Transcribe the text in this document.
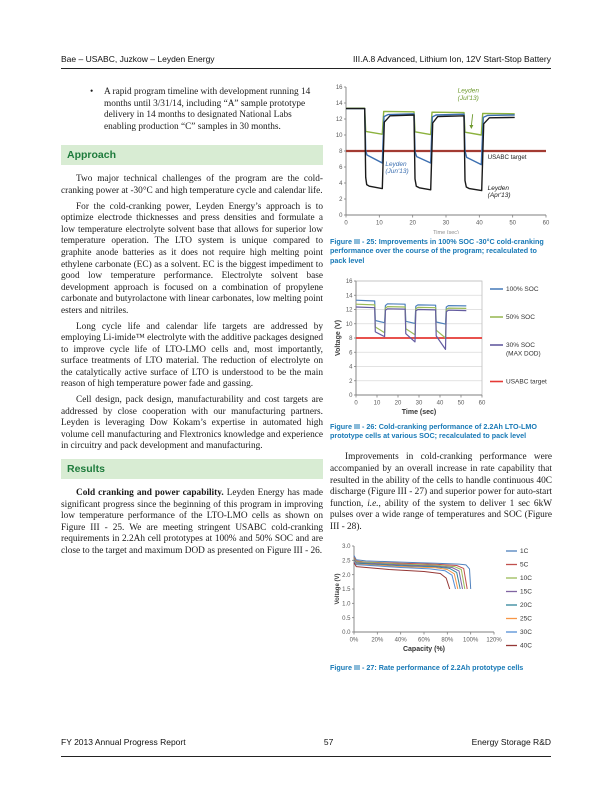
Bae – USABC, Juzkow – Leyden Energy	III.A.8 Advanced, Lithium Ion, 12V Start-Stop Battery
• A rapid program timeline with development running 14 months until 3/31/14, including “A” sample prototype delivery in 14 months to designated National Labs enabling production “C” samples in 30 months.
Approach

Two major technical challenges of the program are the cold-cranking power at -30°C and high temperature cycle and calendar life.

For the cold-cranking power, Leyden Energy’s approach is to optimize electrode thicknesses and press densities and formulate a low temperature electrolyte solvent base that allows for superior low temperature operation. The LTO system is unique compared to graphite anode batteries as it does not require high melting point ethylene carbonate (EC) as a solvent. EC is the biggest impediment to good low temperature performance. Electrolyte solvent base development approach is focused on a combination of propylene carbonate and butyrolactone with linear carbonates, low melting point esters and nitriles.

Long cycle life and calendar life targets are addressed by employing Li-imide™ electrolyte with the additive packages designed to improve cycle life of LTO-LMO cells and, most importantly, surface treatments of LTO material. The reduction of electrolyte on the catalytically active surface of LTO is understood to be the main reason of high temperature power fade and gassing.

Cell design, pack design, manufacturability and cost targets are addressed by close cooperation with our manufacturing partners. Leyden is leveraging Dow Kokam’s expertise in automated high volume cell manufacturing and Flextronics knowledge and experience in circuitry and pack development and manufacturing.

Results

Cold cranking and power capability. Leyden Energy has made significant progress since the beginning of this program in improving low temperature performance of the LTO-LMO cells as shown on Figure III - 25. We are meeting stringent USABC cold-cranking requirements in 2.2Ah cell prototypes at 100% and 50% SOC and are close to the target and maximum DOD as presented on Figure III - 26.

0
2
4
6
8
10
12
14
16
0	10	20	30	40	50	60
Time (sec)
Leyden
(Jul'13)
USABC target
Leyden
(Jun'13)
Leyden
(Apr'13)
Figure III - 25: Improvements in 100% SOC -30°C cold-cranking performance over the course of the program; recalculated to pack level
0
2
4
6
8
10
12
14
16
0	10 20 30 40 50 60
Time (sec)
Voltage (V)
100% SOC
50% SOC
30% SOC
(MAX DOD)
USABC target
Figure III - 26: Cold-cranking performance of 2.2Ah LTO-LMO prototype cells at various SOC; recalculated to pack level

Improvements in cold-cranking performance were accompanied by an overall increase in rate capability that resulted in the ability of the cells to handle continuous 40C discharge (Figure III - 27) and superior power for auto-start function, i.e., ability of the system to deliver 1 sec 6kW pulses over a wide range of temperatures and SOC (Figure III - 28).

0.0
0.5
1.0
1.5
2.0
2.5
3.0
0% 20% 40% 60% 80% 100% 120%
Capacity (%)
Voltage (V)
1C
5C
10C
15C
20C
25C
30C
40C
Figure III - 27: Rate performance of 2.2Ah prototype cells
FY 2013 Annual Progress Report	57	Energy Storage R&D
